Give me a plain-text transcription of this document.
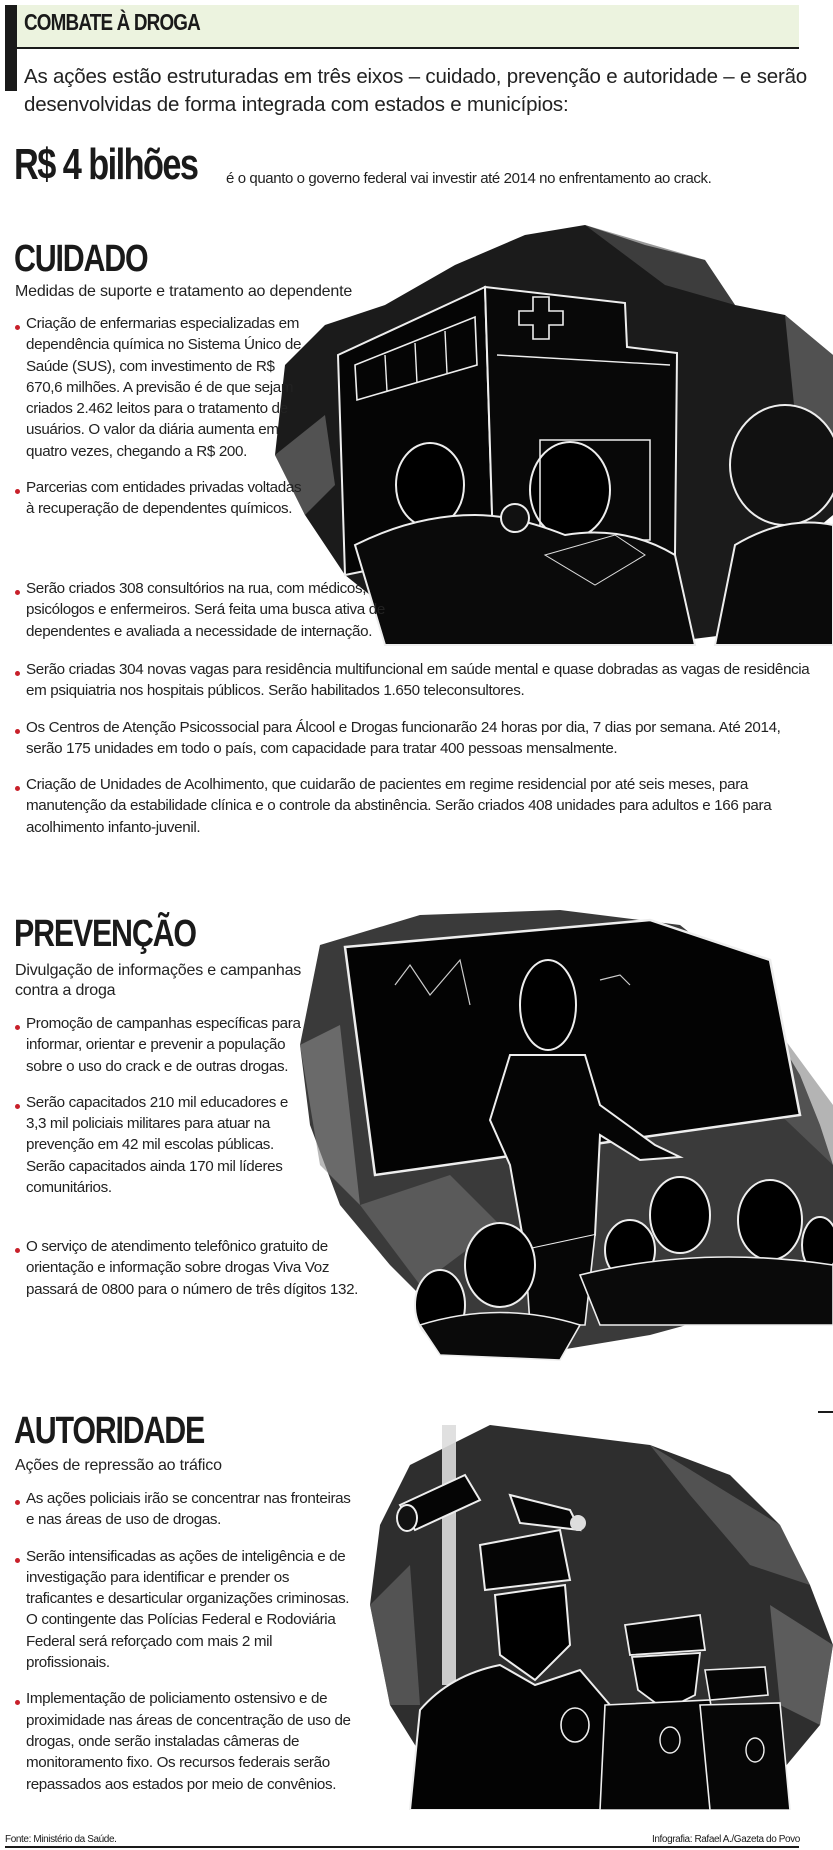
COMBATE À DROGA
As ações estão estruturadas em três eixos – cuidado, prevenção e autoridade – e serão desenvolvidas de forma integrada com estados e municípios:
R$ 4 bilhões é o quanto o governo federal vai investir até 2014 no enfrentamento ao crack.
CUIDADO
Medidas de suporte e tratamento ao dependente
Criação de enfermarias especializadas em dependência química no Sistema Único de Saúde (SUS), com investimento de R$ 670,6 milhões. A previsão é de que sejam criados 2.462 leitos para o tratamento de usuários. O valor da diária aumenta em quatro vezes, chegando a R$ 200.
Parcerias com entidades privadas voltadas à recuperação de dependentes químicos.
Serão criados 308 consultórios na rua, com médicos, psicólogos e enfermeiros. Será feita uma busca ativa de dependentes e avaliada a necessidade de internação.
Serão criadas 304 novas vagas para residência multifuncional em saúde mental e quase dobradas as vagas de residência em psiquiatria nos hospitais públicos. Serão habilitados 1.650 teleconsultores.
Os Centros de Atenção Psicossocial para Álcool e Drogas funcionarão 24 horas por dia, 7 dias por semana. Até 2014, serão 175 unidades em todo o país, com capacidade para tratar 400 pessoas mensalmente.
Criação de Unidades de Acolhimento, que cuidarão de pacientes em regime residencial por até seis meses, para manutenção da estabilidade clínica e o controle da abstinência. Serão criados 408 unidades para adultos e 166 para acolhimento infanto-juvenil.
PREVENÇÃO
Divulgação de informações e campanhas contra a droga
Promoção de campanhas específicas para informar, orientar e prevenir a população sobre o uso do crack e de outras drogas.
Serão capacitados 210 mil educadores e 3,3 mil policiais militares para atuar na prevenção em 42 mil escolas públicas. Serão capacitados ainda 170 mil líderes comunitários.
O serviço de atendimento telefônico gratuito de orientação e informação sobre drogas Viva Voz passará de 0800 para o número de três dígitos 132.
AUTORIDADE
Ações de repressão ao tráfico
As ações policiais irão se concentrar nas fronteiras e nas áreas de uso de drogas.
Serão intensificadas as ações de inteligência e de investigação para identificar e prender os traficantes e desarticular organizações criminosas. O contingente das Polícias Federal e Rodoviária Federal será reforçado com mais 2 mil profissionais.
Implementação de policiamento ostensivo e de proximidade nas áreas de concentração de uso de drogas, onde serão instaladas câmeras de monitoramento fixo. Os recursos federais serão repassados aos estados por meio de convênios.
Fonte: Ministério da Saúde.	Infografia: Rafael A./Gazeta do Povo
